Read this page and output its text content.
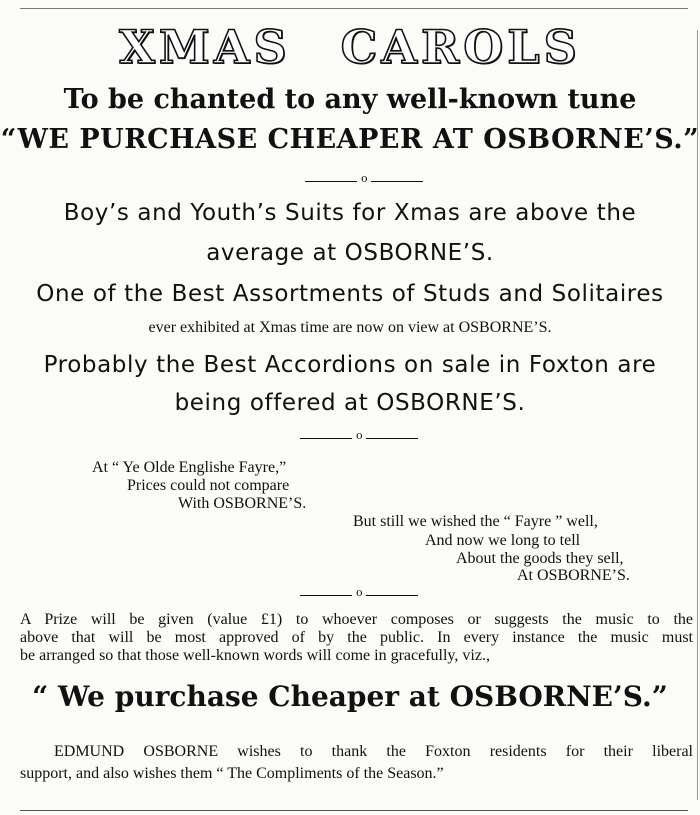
XMAS CAROLS
To be chanted to any well-known tune
“WE PURCHASE CHEAPER AT OSBORNE’S.”
o
Boy’s and Youth’s Suits for Xmas are above the
average at OSBORNE’S.
One of the Best Assortments of Studs and Solitaires
ever exhibited at Xmas time are now on view at OSBORNE’S.
Probably the Best Accordions on sale in Foxton are
being offered at OSBORNE’S.
o
At “ Ye Olde Englishe Fayre,”
Prices could not compare
With OSBORNE’S.
But still we wished the “ Fayre ” well,
And now we long to tell
About the goods they sell,
At OSBORNE’S.
o
A Prize will be given (value £1) to whoever composes or suggests the music to the
above that will be most approved of by the public. In every instance the music must
be arranged so that those well-known words will come in gracefully, viz.,
“ We purchase Cheaper at OSBORNE’S.”
EDMUND OSBORNE wishes to thank the Foxton residents for their liberal
support, and also wishes them “ The Compliments of the Season.”
